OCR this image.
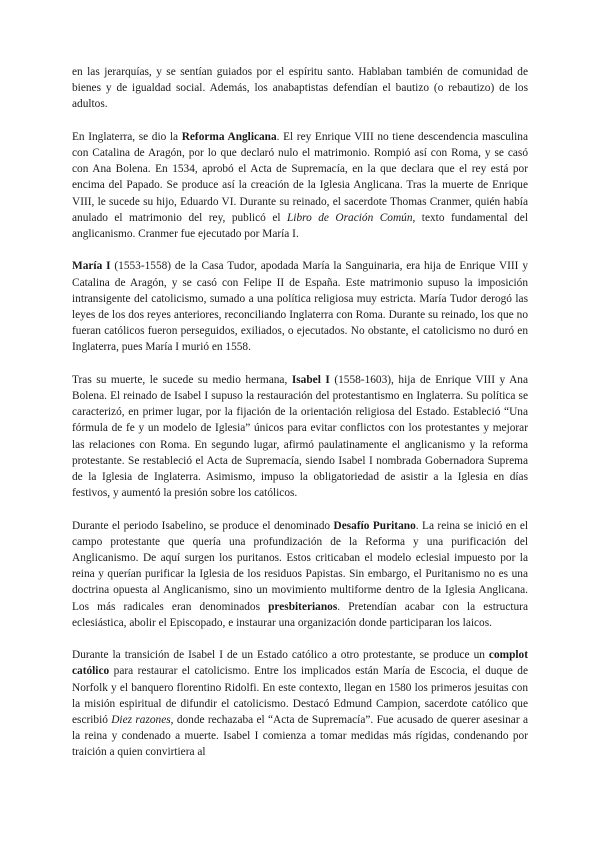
en las jerarquías, y se sentían guiados por el espíritu santo. Hablaban también de comunidad de bienes y de igualdad social. Además, los anabaptistas defendían el bautizo (o rebautizo) de los adultos.

En Inglaterra, se dio la Reforma Anglicana. El rey Enrique VIII no tiene descendencia masculina con Catalina de Aragón, por lo que declaró nulo el matrimonio. Rompió así con Roma, y se casó con Ana Bolena. En 1534, aprobó el Acta de Supremacía, en la que declara que el rey está por encima del Papado. Se produce así la creación de la Iglesia Anglicana. Tras la muerte de Enrique VIII, le sucede su hijo, Eduardo VI. Durante su reinado, el sacerdote Thomas Cranmer, quién había anulado el matrimonio del rey, publicó el Libro de Oración Común, texto fundamental del anglicanismo. Cranmer fue ejecutado por María I.

María I (1553-1558) de la Casa Tudor, apodada María la Sanguinaria, era hija de Enrique VIII y Catalina de Aragón, y se casó con Felipe II de España. Este matrimonio supuso la imposición intransigente del catolicismo, sumado a una política religiosa muy estricta. María Tudor derogó las leyes de los dos reyes anteriores, reconciliando Inglaterra con Roma. Durante su reinado, los que no fueran católicos fueron perseguidos, exiliados, o ejecutados. No obstante, el catolicismo no duró en Inglaterra, pues María I murió en 1558.

Tras su muerte, le sucede su medio hermana, Isabel I (1558-1603), hija de Enrique VIII y Ana Bolena. El reinado de Isabel I supuso la restauración del protestantismo en Inglaterra. Su política se caracterizó, en primer lugar, por la fijación de la orientación religiosa del Estado. Estableció “Una fórmula de fe y un modelo de Iglesia” únicos para evitar conflictos con los protestantes y mejorar las relaciones con Roma. En segundo lugar, afirmó paulatinamente el anglicanismo y la reforma protestante. Se restableció el Acta de Supremacía, siendo Isabel I nombrada Gobernadora Suprema de la Iglesia de Inglaterra. Asimismo, impuso la obligatoriedad de asistir a la Iglesia en días festivos, y aumentó la presión sobre los católicos.

Durante el periodo Isabelino, se produce el denominado Desafío Puritano. La reina se inició en el campo protestante que quería una profundización de la Reforma y una purificación del Anglicanismo. De aquí surgen los puritanos. Estos criticaban el modelo eclesial impuesto por la reina y querían purificar la Iglesia de los residuos Papistas. Sin embargo, el Puritanismo no es una doctrina opuesta al Anglicanismo, sino un movimiento multiforme dentro de la Iglesia Anglicana. Los más radicales eran denominados presbiterianos. Pretendían acabar con la estructura eclesiástica, abolir el Episcopado, e instaurar una organización donde participaran los laicos.

Durante la transición de Isabel I de un Estado católico a otro protestante, se produce un complot católico para restaurar el catolicismo. Entre los implicados están María de Escocia, el duque de Norfolk y el banquero florentino Ridolfi. En este contexto, llegan en 1580 los primeros jesuitas con la misión espiritual de difundir el catolicismo. Destacó Edmund Campion, sacerdote católico que escribió Diez razones, donde rechazaba el “Acta de Supremacía”. Fue acusado de querer asesinar a la reina y condenado a muerte. Isabel I comienza a tomar medidas más rígidas, condenando por traición a quien convirtiera al
